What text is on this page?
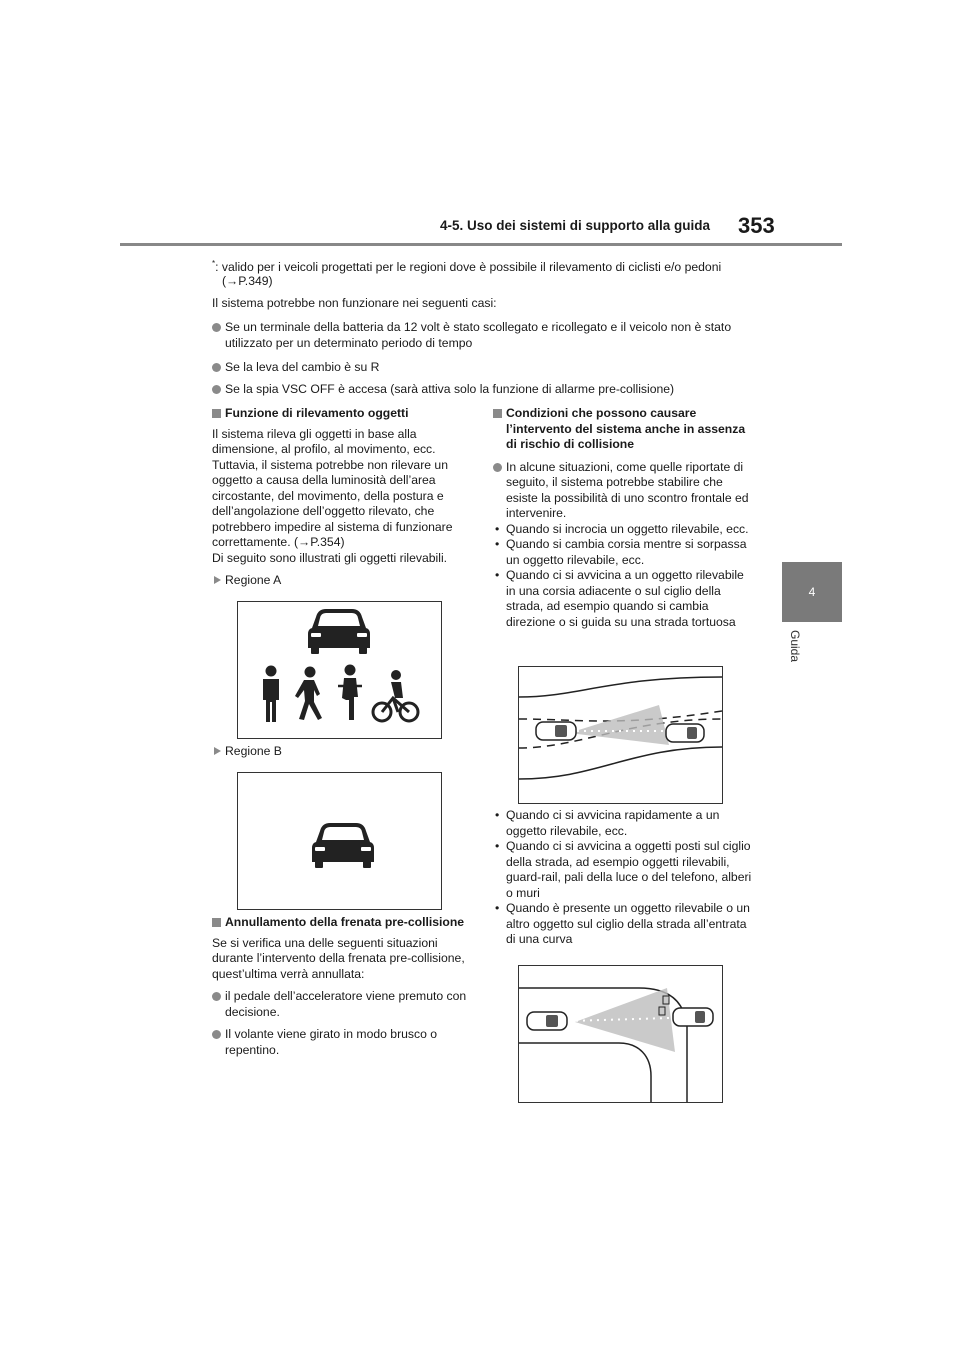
4-5. Uso dei sistemi di supporto alla guida 353
4
Guida
*: valido per i veicoli progettati per le regioni dove è possibile il rilevamento di ciclisti e/o pedoni
(→P.349)
Il sistema potrebbe non funzionare nei seguenti casi:
Se un terminale della batteria da 12 volt è stato scollegato e ricollegato e il veicolo non è stato utilizzato per un determinato periodo di tempo
Se la leva del cambio è su R
Se la spia VSC OFF è accesa (sarà attiva solo la funzione di allarme pre-collisione)
Funzione di rilevamento oggetti
Il sistema rileva gli oggetti in base alla dimensione, al profilo, al movimento, ecc. Tuttavia, il sistema potrebbe non rilevare un oggetto a causa della luminosità dell’area circostante, del movimento, della postura e dell’angolazione dell’oggetto rilevato, che potrebbero impedire al sistema di funzionare correttamente. (→P.354)
Di seguito sono illustrati gli oggetti rilevabili.
Regione A
Regione B
Annullamento della frenata pre-collisione
Se si verifica una delle seguenti situazioni durante l’intervento della frenata pre-collisione, quest’ultima verrà annullata:
il pedale dell’acceleratore viene premuto con decisione.
Il volante viene girato in modo brusco o repentino.
Condizioni che possono causare l’intervento del sistema anche in assenza di rischio di collisione
In alcune situazioni, come quelle riportate di seguito, il sistema potrebbe stabilire che esiste la possibilità di uno scontro frontale ed intervenire.
• Quando si incrocia un oggetto rilevabile, ecc.
• Quando si cambia corsia mentre si sorpassa un oggetto rilevabile, ecc.
• Quando ci si avvicina a un oggetto rilevabile in una corsia adiacente o sul ciglio della strada, ad esempio quando si cambia direzione o si guida su una strada tortuosa
• Quando ci si avvicina rapidamente a un oggetto rilevabile, ecc.
• Quando ci si avvicina a oggetti posti sul ciglio della strada, ad esempio oggetti rilevabili, guard-rail, pali della luce o del telefono, alberi o muri
• Quando è presente un oggetto rilevabile o un altro oggetto sul ciglio della strada all’entrata di una curva
